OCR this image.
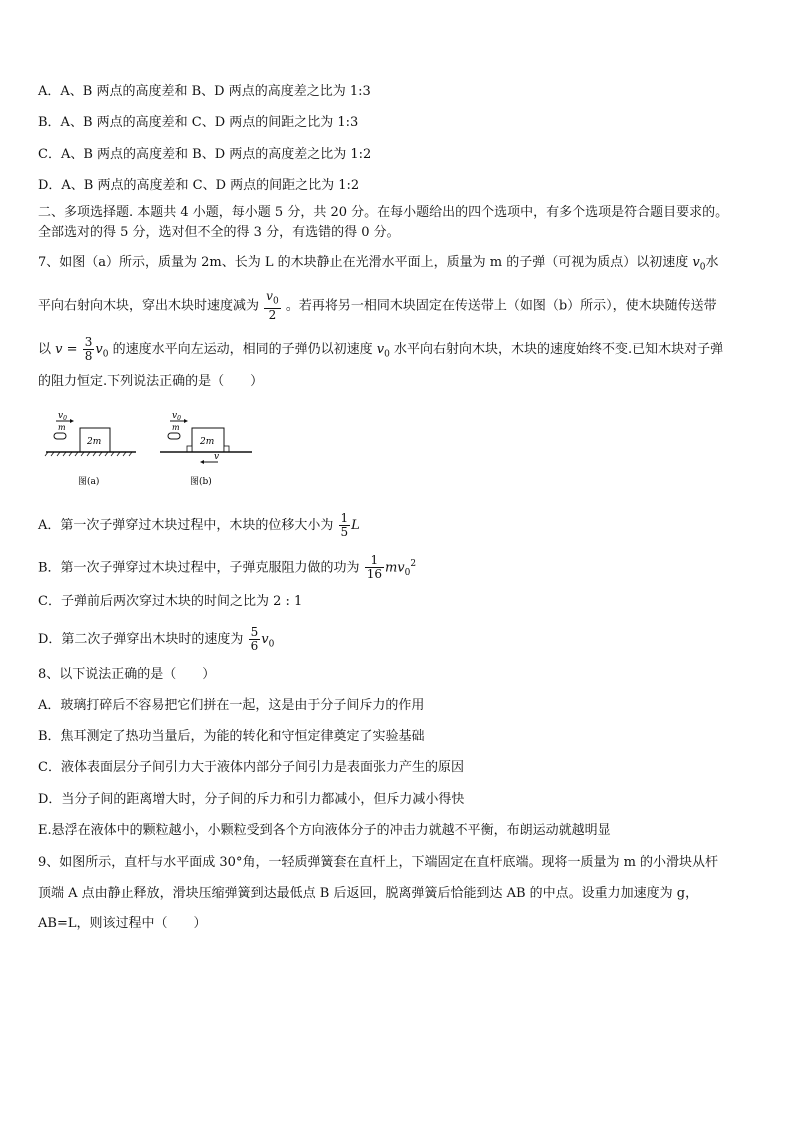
A．A、B 两点的高度差和 B、D 两点的高度差之比为 1:3
B．A、B 两点的高度差和 C、D 两点的间距之比为 1:3
C．A、B 两点的高度差和 B、D 两点的高度差之比为 1:2
D．A、B 两点的高度差和 C、D 两点的间距之比为 1:2
二、多项选择题. 本题共 4 小题，每小题 5 分，共 20 分。在每小题给出的四个选项中，有多个选项是符合题目要求的。
全部选对的得 5 分，选对但不全的得 3 分，有选错的得 0 分。
7、如图（a）所示，质量为 2m、长为 L 的木块静止在光滑水平面上，质量为 m 的子弹（可视为质点）以初速度 $v_0$水
平向右射向木块，穿出木块时速度减为 $\frac{v_0}{2}$ 。若再将另一相同木块固定在传送带上（如图（b）所示），使木块随传送带
以 $v = \frac{3}{8} v_0$ 的速度水平向左运动，相同的子弹仍以初速度 $v_0$ 水平向右射向木块，木块的速度始终不变.已知木块对子弹
的阻力恒定.下列说法正确的是（　　）
$v_0$
m
2m
图(a)
$v_0$
m
2m
v
图(b)
A．第一次子弹穿过木块过程中，木块的位移大小为 $\frac{1}{5}$ L
B．第一次子弹穿过木块过程中，子弹克服阻力做的功为 $\frac{1}{16} mv_0^2$
C．子弹前后两次穿过木块的时间之比为 2 : 1
D．第二次子弹穿出木块时的速度为 $\frac{5}{6} v_0$
8、以下说法正确的是（　　）
A．玻璃打碎后不容易把它们拼在一起，这是由于分子间斥力的作用
B．焦耳测定了热功当量后，为能的转化和守恒定律奠定了实验基础
C．液体表面层分子间引力大于液体内部分子间引力是表面张力产生的原因
D．当分子间的距离增大时，分子间的斥力和引力都减小，但斥力减小得快
E.悬浮在液体中的颗粒越小，小颗粒受到各个方向液体分子的冲击力就越不平衡，布朗运动就越明显
9、如图所示，直杆与水平面成 30°角，一轻质弹簧套在直杆上，下端固定在直杆底端。现将一质量为 m 的小滑块从杆
顶端 A 点由静止释放，滑块压缩弹簧到达最低点 B 后返回，脱离弹簧后恰能到达 AB 的中点。设重力加速度为 g，
AB=L，则该过程中（　　）
